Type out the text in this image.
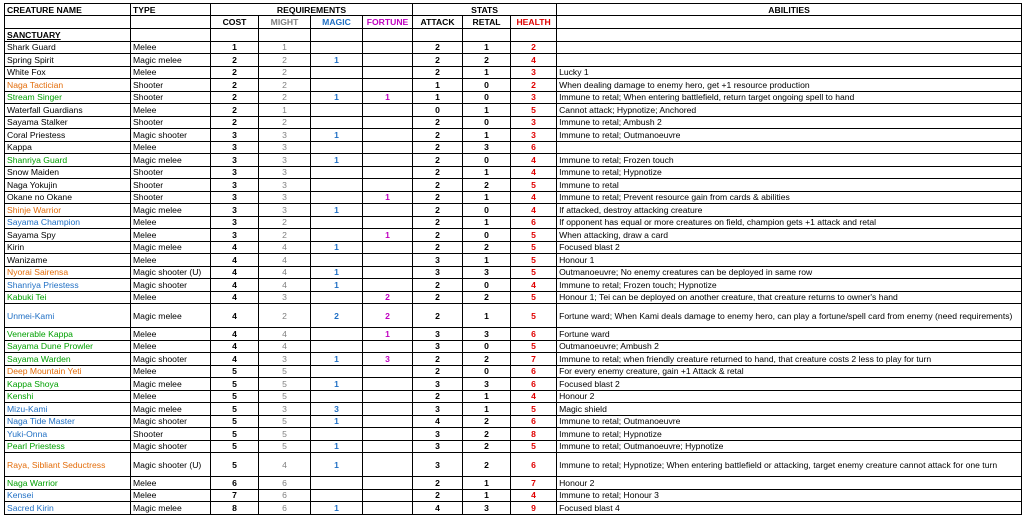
CREATURE NAME	TYPE	REQUIREMENTS				STATS			ABILITIES
		COST	MIGHT	MAGIC	FORTUNE	ATTACK	RETAL	HEALTH	
SANCTUARY									
Shark Guard	Melee	1	1			2	1	2	
Spring Spirit	Magic melee	2	2	1		2	2	4	
White Fox	Melee	2	2			2	1	3	Lucky 1
Naga Tactician	Shooter	2	2			1	0	2	When dealing damage to enemy hero, get +1 resource production
Stream Singer	Shooter	2	2	1	1	1	0	3	Immune to retal; When entering battlefield, return target ongoing spell to hand
Waterfall Guardians	Melee	2	1			0	1	5	Cannot attack; Hypnotize; Anchored
Sayama Stalker	Shooter	2	2			2	0	3	Immune to retal; Ambush 2
Coral Priestess	Magic shooter	3	3	1		2	1	3	Immune to retal; Outmanoeuvre
Kappa	Melee	3	3			2	3	6	
Shanriya Guard	Magic melee	3	3	1		2	0	4	Immune to retal; Frozen touch
Snow Maiden	Shooter	3	3			2	1	4	Immune to retal; Hypnotize
Naga Yokujin	Shooter	3	3			2	2	5	Immune to retal
Okane no Okane	Shooter	3	3		1	2	1	4	Immune to retal; Prevent resource gain from cards & abilities
Shinje Warrior	Magic melee	3	3	1		2	0	4	If attacked, destroy attacking creature
Sayama Champion	Melee	3	2			2	1	6	If opponent has equal or more creatures on field, champion gets +1 attack and retal
Sayama Spy	Melee	3	2		1	2	0	5	When attacking, draw a card
Kirin	Magic melee	4	4	1		2	2	5	Focused blast 2
Wanizame	Melee	4	4			3	1	5	Honour 1
Nyorai Sairensa	Magic shooter (U)	4	4	1		3	3	5	Outmanoeuvre; No enemy creatures can be deployed in same row
Shanriya Priestess	Magic shooter	4	4	1		2	0	4	Immune to retal; Frozen touch; Hypnotize
Kabuki Tei	Melee	4	3		2	2	2	5	Honour 1; Tei can be deployed on another creature, that creature returns to owner's hand
Unmei-Kami	Magic melee	4	2	2	2	2	1	5	Fortune ward; When Kami deals damage to enemy hero, can play a fortune/spell card from enemy (need requirements)
Venerable Kappa	Melee	4	4		1	3	3	6	Fortune ward
Sayama Dune Prowler	Melee	4	4			3	0	5	Outmanoeuvre; Ambush 2
Sayama Warden	Magic shooter	4	3	1	3	2	2	7	Immune to retal; when friendly creature returned to hand, that creature costs 2 less to play for turn
Deep Mountain Yeti	Melee	5	5			2	0	6	For every enemy creature, gain +1 Attack & retal
Kappa Shoya	Magic melee	5	5	1		3	3	6	Focused blast 2
Kenshi	Melee	5	5			2	1	4	Honour 2
Mizu-Kami	Magic melee	5	3	3		3	1	5	Magic shield
Naga Tide Master	Magic shooter	5	5	1		4	2	6	Immune to retal; Outmanoeuvre
Yuki-Onna	Shooter	5	5			3	2	8	Immune to retal; Hypnotize
Pearl Priestess	Magic shooter	5	5	1		3	2	5	Immune to retal; Outmanoeuvre; Hypnotize
Raya, Sibliant Seductress	Magic shooter (U)	5	4	1		3	2	6	Immune to retal; Hypnotize; When entering battlefield or attacking, target enemy creature cannot attack for one turn
Naga Warrior	Melee	6	6			2	1	7	Honour 2
Kensei	Melee	7	6			2	1	4	Immune to retal; Honour 3
Sacred Kirin	Magic melee	8	6	1		4	3	9	Focused blast 4
